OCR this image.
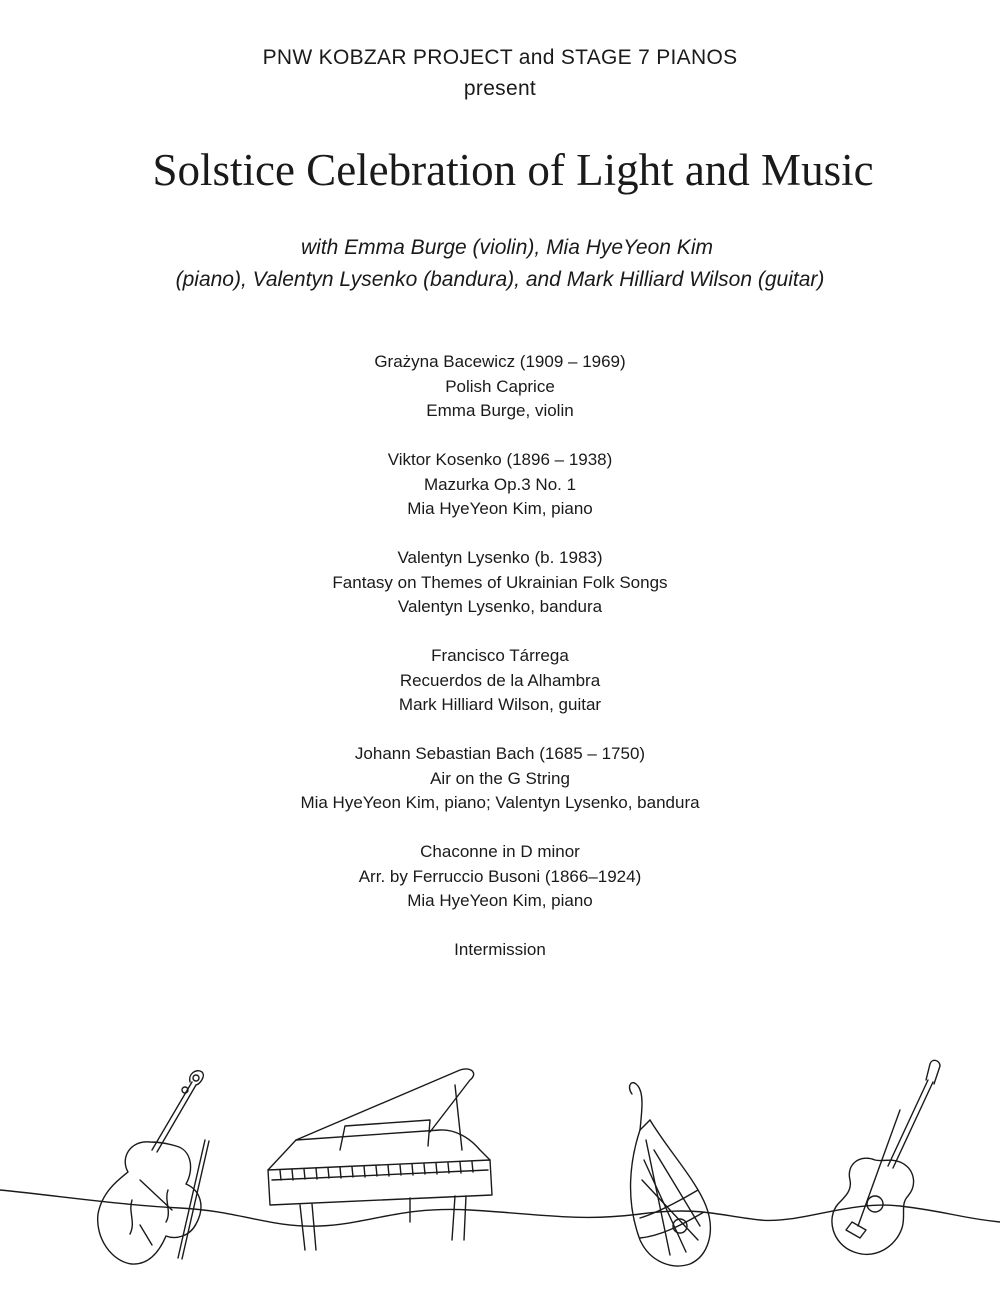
PNW KOBZAR PROJECT and STAGE 7 PIANOS
present
Solstice Celebration of Light and Music
with Emma Burge (violin), Mia HyeYeon Kim
(piano), Valentyn Lysenko (bandura), and Mark Hilliard Wilson (guitar)
Grażyna Bacewicz (1909 – 1969)
Polish Caprice
Emma Burge, violin
Viktor Kosenko (1896 – 1938)
Mazurka Op.3 No. 1
Mia HyeYeon Kim, piano
Valentyn Lysenko (b. 1983)
Fantasy on Themes of Ukrainian Folk Songs
Valentyn Lysenko, bandura
Francisco Tárrega
Recuerdos de la Alhambra
Mark Hilliard Wilson, guitar
Johann Sebastian Bach (1685 – 1750)
Air on the G String
Mia HyeYeon Kim, piano; Valentyn Lysenko, bandura
Chaconne in D minor
Arr. by Ferruccio Busoni (1866–1924)
Mia HyeYeon Kim, piano
Intermission
